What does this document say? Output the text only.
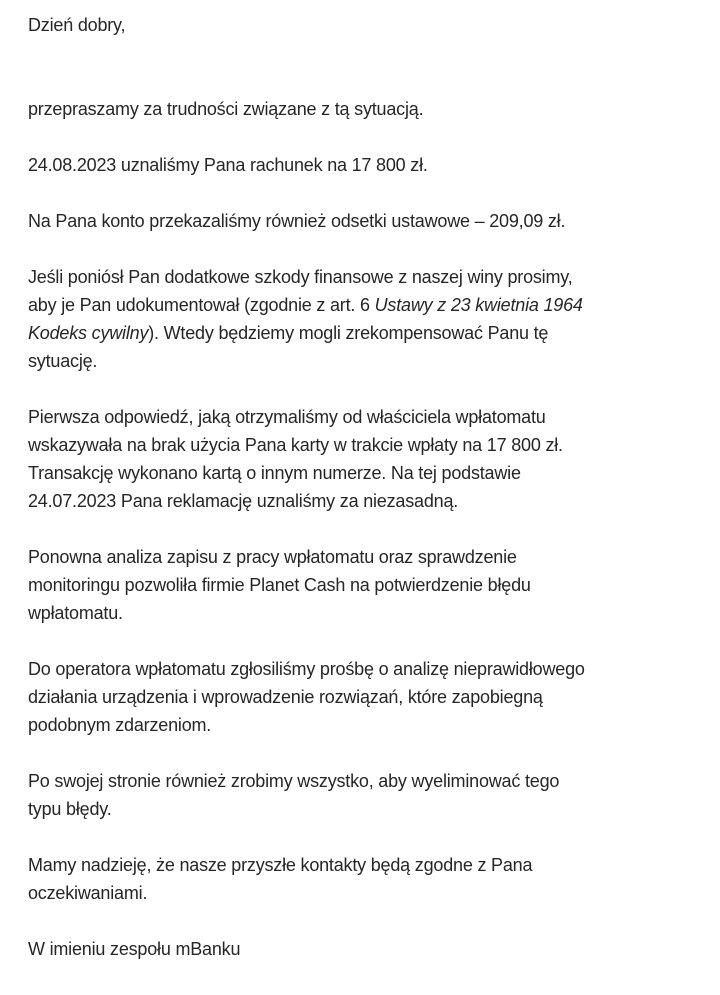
Dzień dobry,
przepraszamy za trudności związane z tą sytuacją.
24.08.2023 uznaliśmy Pana rachunek na 17 800 zł.
Na Pana konto przekazaliśmy również odsetki ustawowe – 209,09 zł.
Jeśli poniósł Pan dodatkowe szkody finansowe z naszej winy prosimy,
aby je Pan udokumentował (zgodnie z art. 6 Ustawy z 23 kwietnia 1964
Kodeks cywilny). Wtedy będziemy mogli zrekompensować Panu tę
sytuację.
Pierwsza odpowiedź, jaką otrzymaliśmy od właściciela wpłatomatu
wskazywała na brak użycia Pana karty w trakcie wpłaty na 17 800 zł.
Transakcję wykonano kartą o innym numerze. Na tej podstawie
24.07.2023 Pana reklamację uznaliśmy za niezasadną.
Ponowna analiza zapisu z pracy wpłatomatu oraz sprawdzenie
monitoringu pozwoliła firmie Planet Cash na potwierdzenie błędu
wpłatomatu.
Do operatora wpłatomatu zgłosiliśmy prośbę o analizę nieprawidłowego
działania urządzenia i wprowadzenie rozwiązań, które zapobiegną
podobnym zdarzeniom.
Po swojej stronie również zrobimy wszystko, aby wyeliminować tego
typu błędy.
Mamy nadzieję, że nasze przyszłe kontakty będą zgodne z Pana
oczekiwaniami.
W imieniu zespołu mBanku
